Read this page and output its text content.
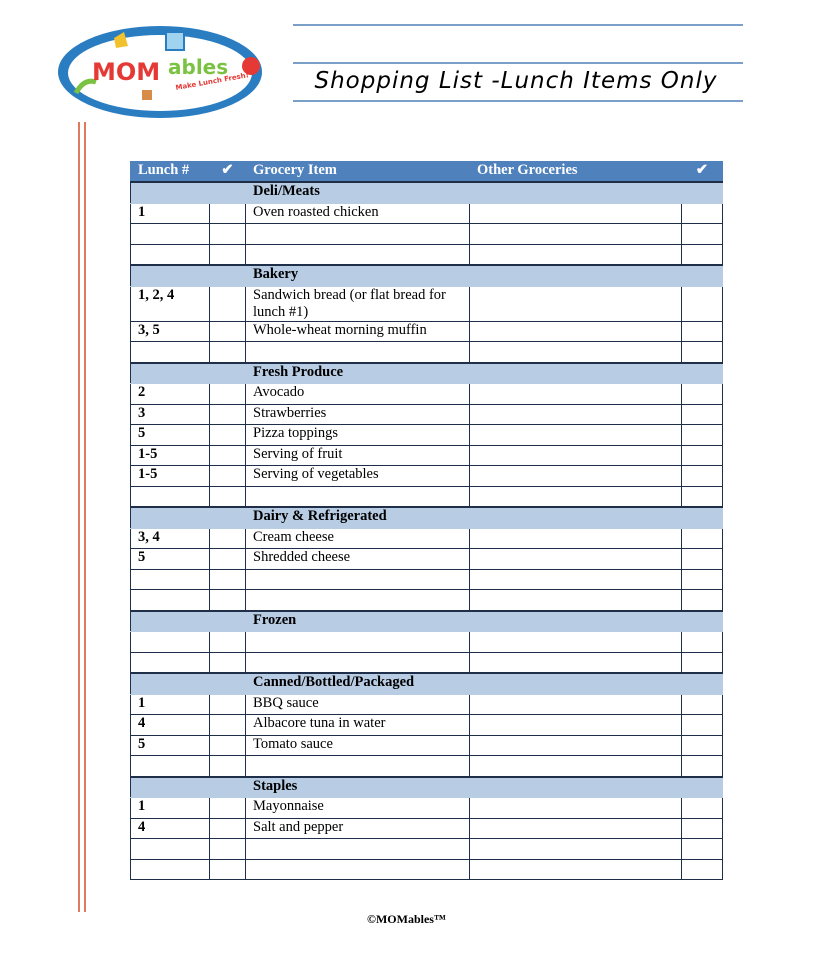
MOM ables
Make Lunch Fresh!	Shopping List -Lunch Items Only
Lunch #	✔	Grocery Item	Other Groceries	✔
		Deli/Meats		
1		Oven roasted chicken		

		Bakery		
1, 2, 4		Sandwich bread (or flat bread for lunch #1)		
3, 5		Whole-wheat morning muffin		

		Fresh Produce		
2		Avocado		
3		Strawberries		
5		Pizza toppings		
1-5		Serving of fruit		
1-5		Serving of vegetables		

		Dairy & Refrigerated		
3, 4		Cream cheese		
5		Shredded cheese		

		Frozen		

		Canned/Bottled/Packaged		
1		BBQ sauce		
4		Albacore tuna in water		
5		Tomato sauce		

		Staples		
1		Mayonnaise		
4		Salt and pepper		

©MOMables™
